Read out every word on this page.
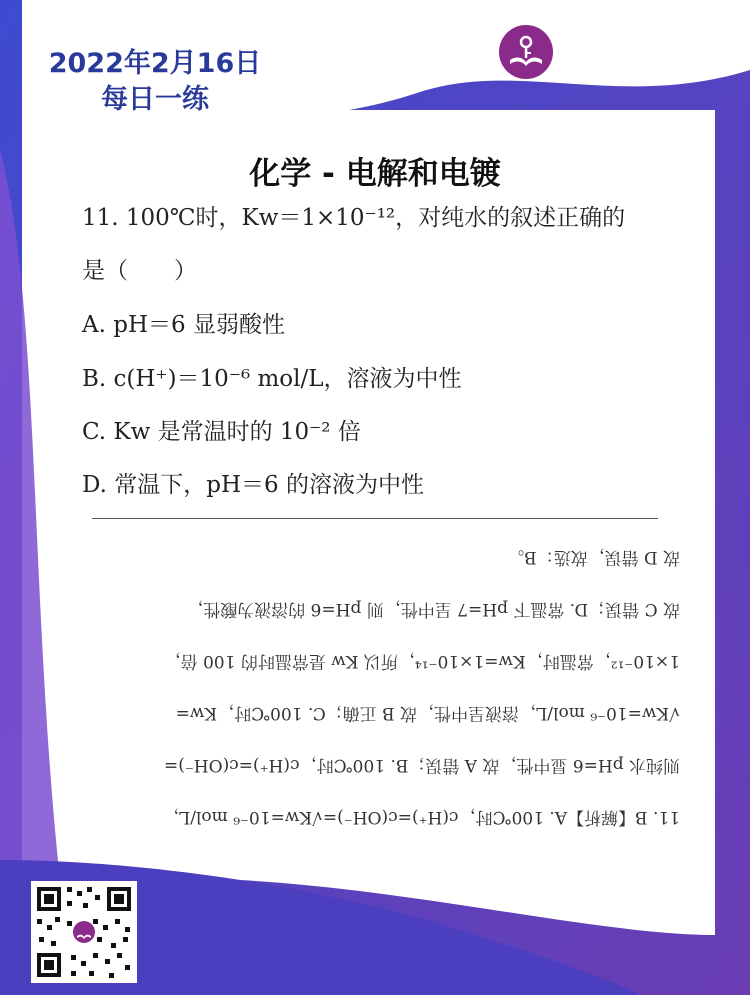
2022年2月16日
每日一练
点成军考
DIAN CHENG JUN KAO
化学 - 电解和电镀
11. 100℃时，Kw＝1×10⁻¹²，对纯水的叙述正确的
是（　　）
A. pH＝6 显弱酸性
B. c(H⁺)＝10⁻⁶ mol/L，溶液为中性
C. Kw 是常温时的 10⁻² 倍
D. 常温下，pH＝6 的溶液为中性
11. B【解析】A. 100℃时，c(H⁺)=c(OH⁻)=√Kw=10⁻⁶ mol/L，
则纯水 pH=6 显中性，故 A 错误；B. 100℃时，c(H⁺)=c(OH⁻)=
√Kw=10⁻⁶ mol/L，溶液呈中性，故 B 正确；C. 100℃时，Kw=
1×10⁻¹²，常温时，Kw=1×10⁻¹⁴，所以 Kw 是常温时的 100 倍，
故 C 错误；D. 常温下 pH=7 呈中性，则 pH=6 的溶液为酸性，
故 D 错误，故选：B。
